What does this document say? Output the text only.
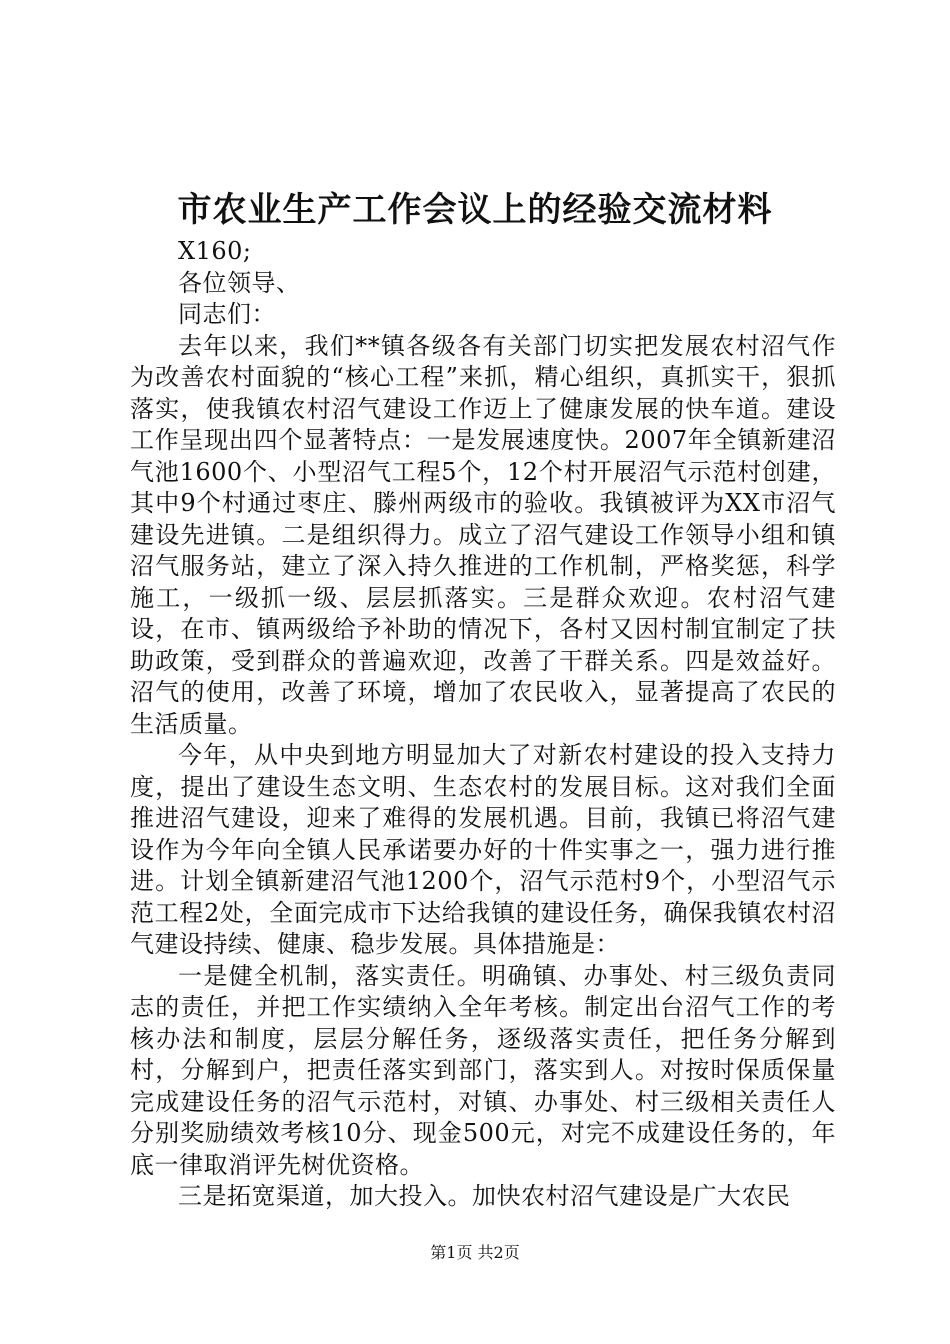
市农业生产工作会议上的经验交流材料
X160;
各位领导、
同志们：

去年以来，我们**镇各级各有关部门切实把发展农村沼气作为改善农村面貌的“核心工程”来抓，精心组织，真抓实干，狠抓落实，使我镇农村沼气建设工作迈上了健康发展的快车道。建设工作呈现出四个显著特点：一是发展速度快。2007年全镇新建沼气池1600个、小型沼气工程5个，12个村开展沼气示范村创建，其中9个村通过枣庄、滕州两级市的验收。我镇被评为XX市沼气建设先进镇。二是组织得力。成立了沼气建设工作领导小组和镇沼气服务站，建立了深入持久推进的工作机制，严格奖惩，科学施工，一级抓一级、层层抓落实。三是群众欢迎。农村沼气建设，在市、镇两级给予补助的情况下，各村又因村制宜制定了扶助政策，受到群众的普遍欢迎，改善了干群关系。四是效益好。沼气的使用，改善了环境，增加了农民收入，显著提高了农民的生活质量。

今年，从中央到地方明显加大了对新农村建设的投入支持力度，提出了建设生态文明、生态农村的发展目标。这对我们全面推进沼气建设，迎来了难得的发展机遇。目前，我镇已将沼气建设作为今年向全镇人民承诺要办好的十件实事之一，强力进行推进。计划全镇新建沼气池1200个，沼气示范村9个，小型沼气示范工程2处，全面完成市下达给我镇的建设任务，确保我镇农村沼气建设持续、健康、稳步发展。具体措施是：

一是健全机制，落实责任。明确镇、办事处、村三级负责同志的责任，并把工作实绩纳入全年考核。制定出台沼气工作的考核办法和制度，层层分解任务，逐级落实责任，把任务分解到村，分解到户，把责任落实到部门，落实到人。对按时保质保量完成建设任务的沼气示范村，对镇、办事处、村三级相关责任人分别奖励绩效考核10分、现金500元，对完不成建设任务的，年底一律取消评先树优资格。

三是拓宽渠道，加大投入。加快农村沼气建设是广大农民

第1页 共2页
